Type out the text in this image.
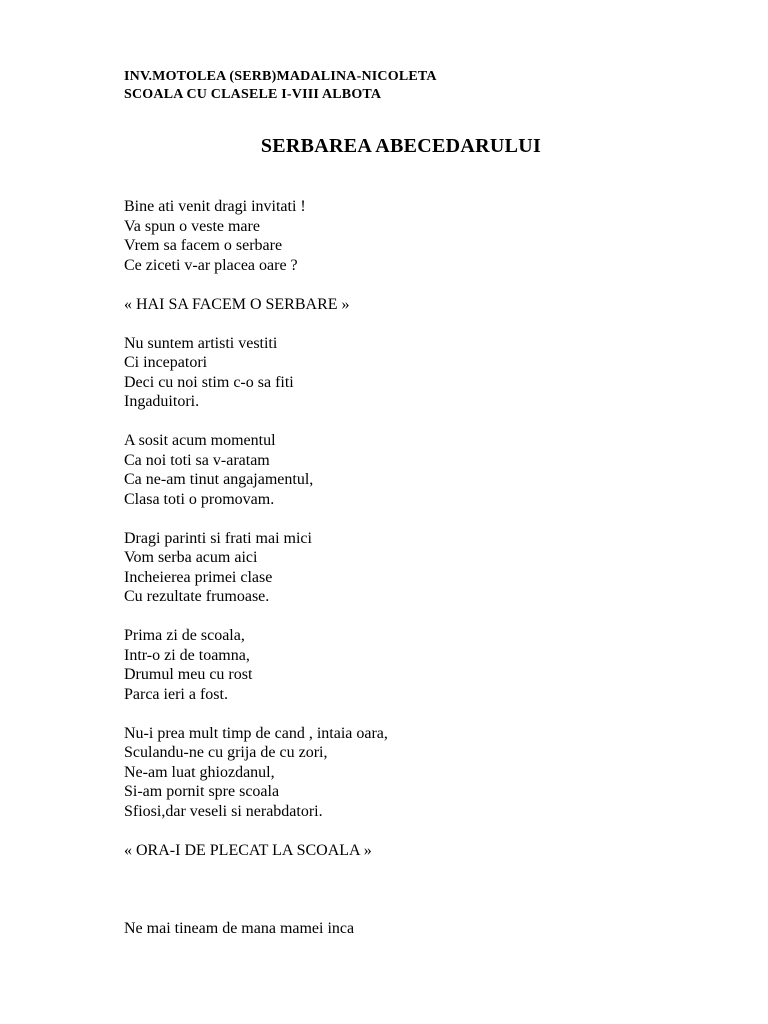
INV.MOTOLEA (SERB)MADALINA-NICOLETA
SCOALA CU CLASELE I-VIII ALBOTA
SERBAREA ABECEDARULUI
Bine ati venit dragi invitati !
Va spun o veste mare
Vrem sa facem o serbare
Ce ziceti v-ar placea oare ?
« HAI SA FACEM O SERBARE »
Nu suntem artisti vestiti
Ci incepatori
Deci cu noi stim c-o sa fiti
Ingaduitori.
A sosit acum momentul
Ca noi toti sa v-aratam
Ca ne-am tinut angajamentul,
Clasa toti o promovam.
Dragi parinti si frati mai mici
Vom serba acum aici
Incheierea primei clase
Cu rezultate frumoase.
Prima zi de scoala,
Intr-o zi de toamna,
Drumul meu cu rost
Parca ieri a fost.
Nu-i prea mult timp de cand , intaia oara,
Sculandu-ne cu grija de cu zori,
Ne-am luat ghiozdanul,
Si-am pornit spre scoala
Sfiosi,dar veseli si nerabdatori.
« ORA-I DE PLECAT LA SCOALA »
Ne mai tineam de mana mamei inca
